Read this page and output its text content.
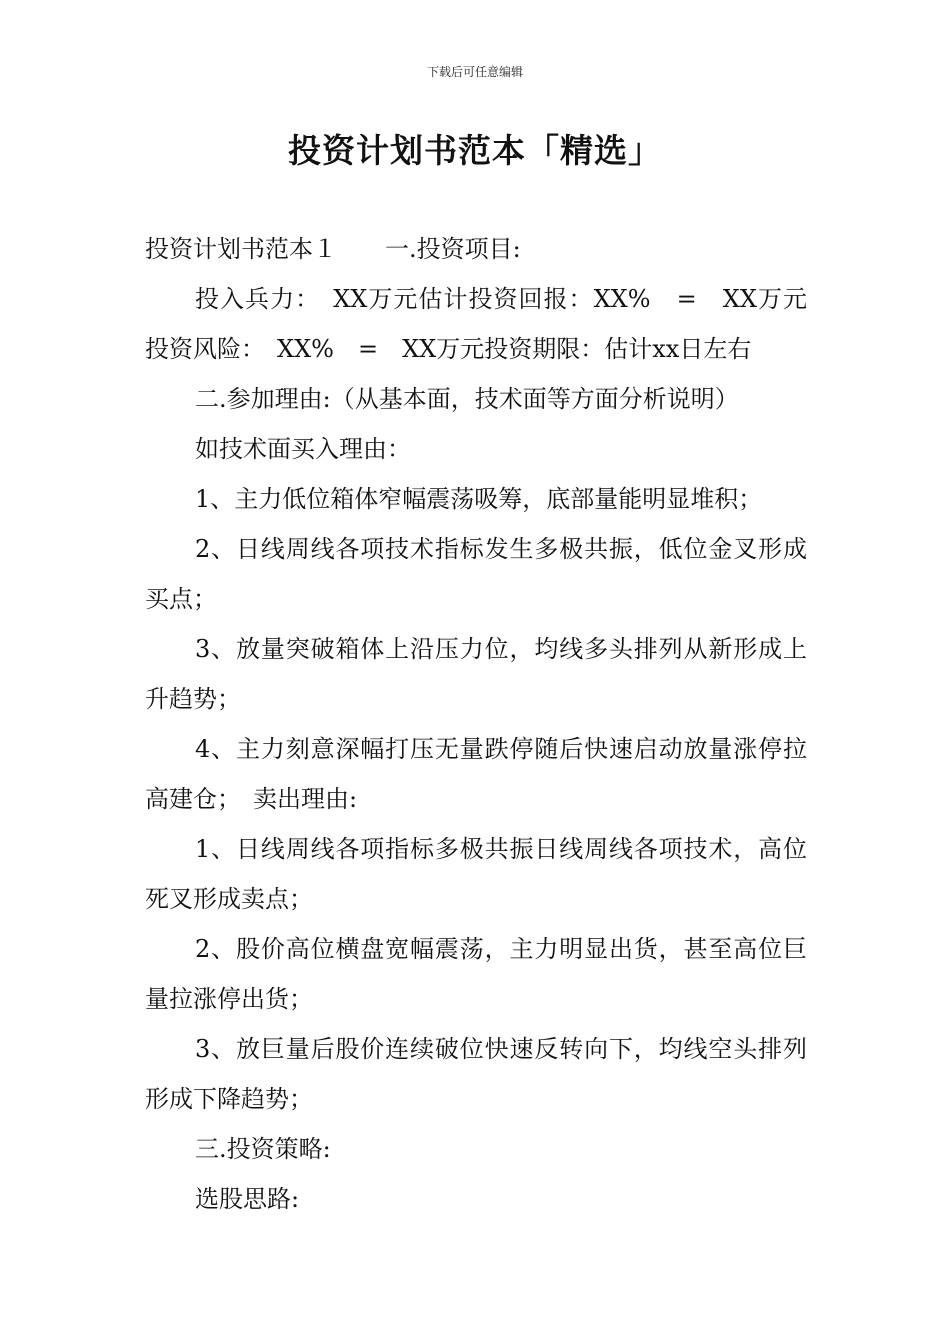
下载后可任意编辑
投资计划书范本「精选」

投资计划书范本１　　一.投资项目:

投入兵力：　XX万元估计投资回报：XX%　=　XX万元　投资风险：　XX%　=　XX万元投资期限：估计xx日左右

二.参加理由:（从基本面，技术面等方面分析说明）

如技术面买入理由：

1、主力低位箱体窄幅震荡吸筹，底部量能明显堆积；

2、日线周线各项技术指标发生多极共振，低位金叉形成买点；

3、放量突破箱体上沿压力位，均线多头排列从新形成上升趋势；

4、主力刻意深幅打压无量跌停随后快速启动放量涨停拉高建仓；　卖出理由:

1、日线周线各项指标多极共振日线周线各项技术，高位死叉形成卖点；

2、股价高位横盘宽幅震荡，主力明显出货，甚至高位巨量拉涨停出货；

3、放巨量后股价连续破位快速反转向下，均线空头排列形成下降趋势；

三.投资策略:

选股思路:
